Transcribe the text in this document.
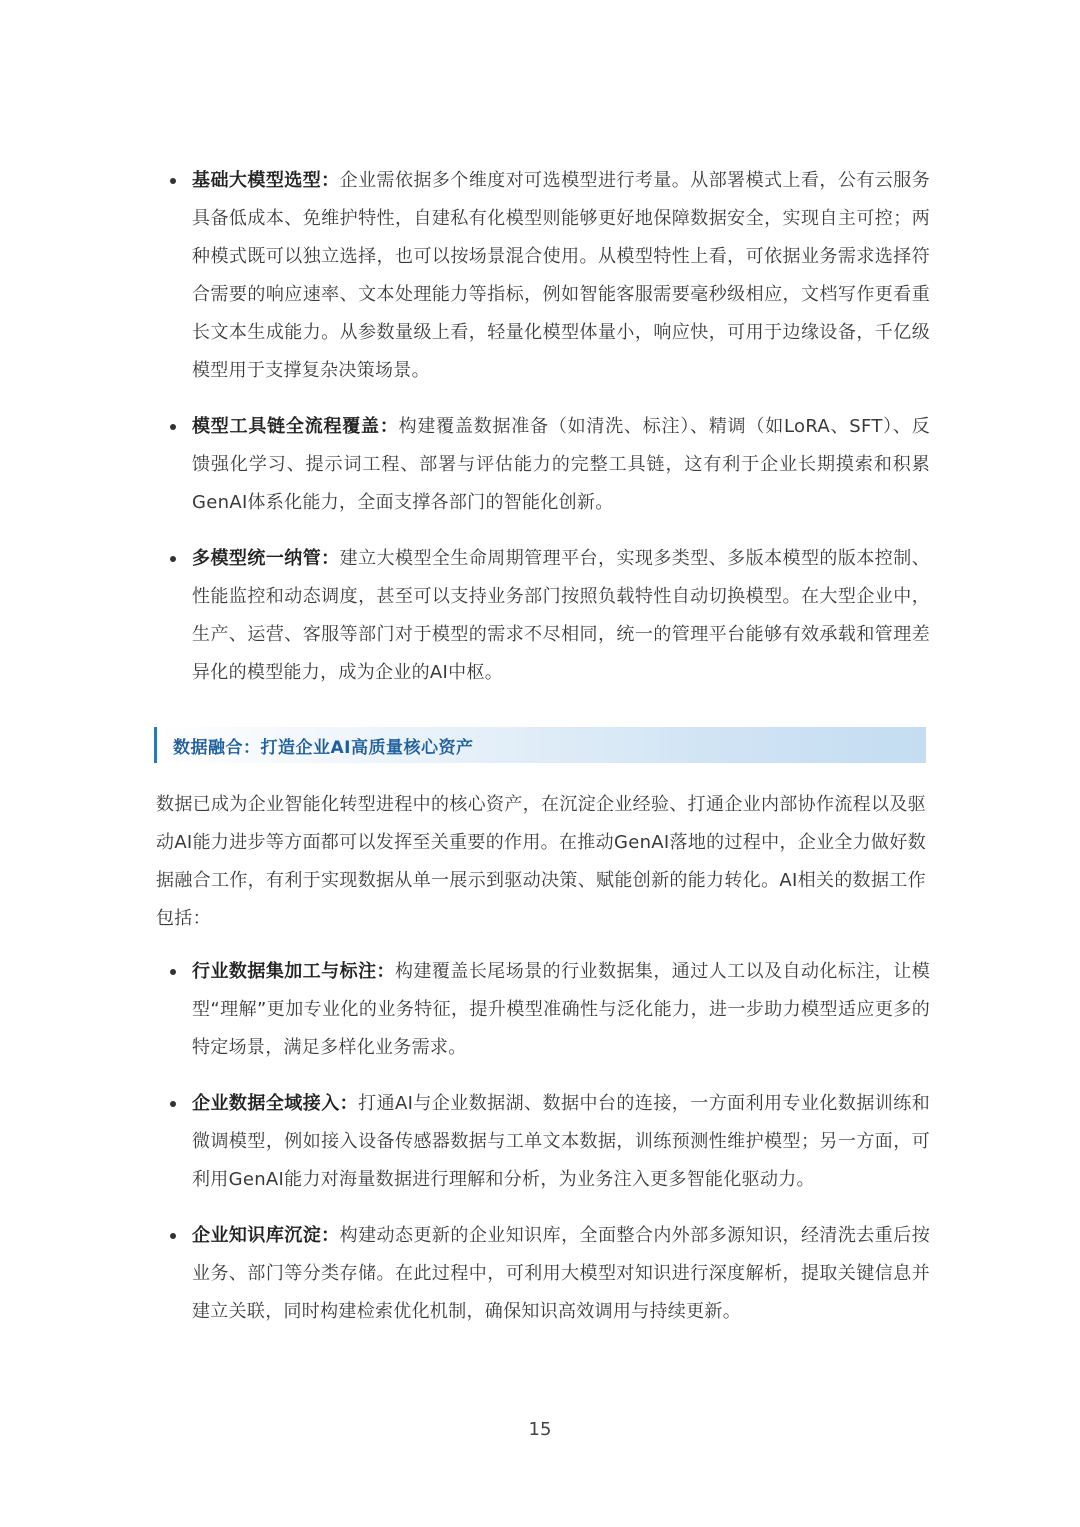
基础大模型选型：企业需依据多个维度对可选模型进行考量。从部署模式上看，公有云服务具备低成本、免维护特性，自建私有化模型则能够更好地保障数据安全，实现自主可控；两种模式既可以独立选择，也可以按场景混合使用。从模型特性上看，可依据业务需求选择符合需要的响应速率、文本处理能力等指标，例如智能客服需要毫秒级相应，文档写作更看重长文本生成能力。从参数量级上看，轻量化模型体量小，响应快，可用于边缘设备，千亿级模型用于支撑复杂决策场景。
模型工具链全流程覆盖：构建覆盖数据准备（如清洗、标注）、精调（如LoRA、SFT）、反馈强化学习、提示词工程、部署与评估能力的完整工具链，这有利于企业长期摸索和积累GenAI体系化能力，全面支撑各部门的智能化创新。
多模型统一纳管：建立大模型全生命周期管理平台，实现多类型、多版本模型的版本控制、性能监控和动态调度，甚至可以支持业务部门按照负载特性自动切换模型。在大型企业中，生产、运营、客服等部门对于模型的需求不尽相同，统一的管理平台能够有效承载和管理差异化的模型能力，成为企业的AI中枢。
数据融合：打造企业AI高质量核心资产

数据已成为企业智能化转型进程中的核心资产，在沉淀企业经验、打通企业内部协作流程以及驱动AI能力进步等方面都可以发挥至关重要的作用。在推动GenAI落地的过程中，企业全力做好数据融合工作，有利于实现数据从单一展示到驱动决策、赋能创新的能力转化。AI相关的数据工作包括：

行业数据集加工与标注：构建覆盖长尾场景的行业数据集，通过人工以及自动化标注，让模型“理解”更加专业化的业务特征，提升模型准确性与泛化能力，进一步助力模型适应更多的特定场景，满足多样化业务需求。
企业数据全域接入：打通AI与企业数据湖、数据中台的连接，一方面利用专业化数据训练和微调模型，例如接入设备传感器数据与工单文本数据，训练预测性维护模型；另一方面，可利用GenAI能力对海量数据进行理解和分析，为业务注入更多智能化驱动力。
企业知识库沉淀：构建动态更新的企业知识库，全面整合内外部多源知识，经清洗去重后按业务、部门等分类存储。在此过程中，可利用大模型对知识进行深度解析，提取关键信息并建立关联，同时构建检索优化机制，确保知识高效调用与持续更新。
15
